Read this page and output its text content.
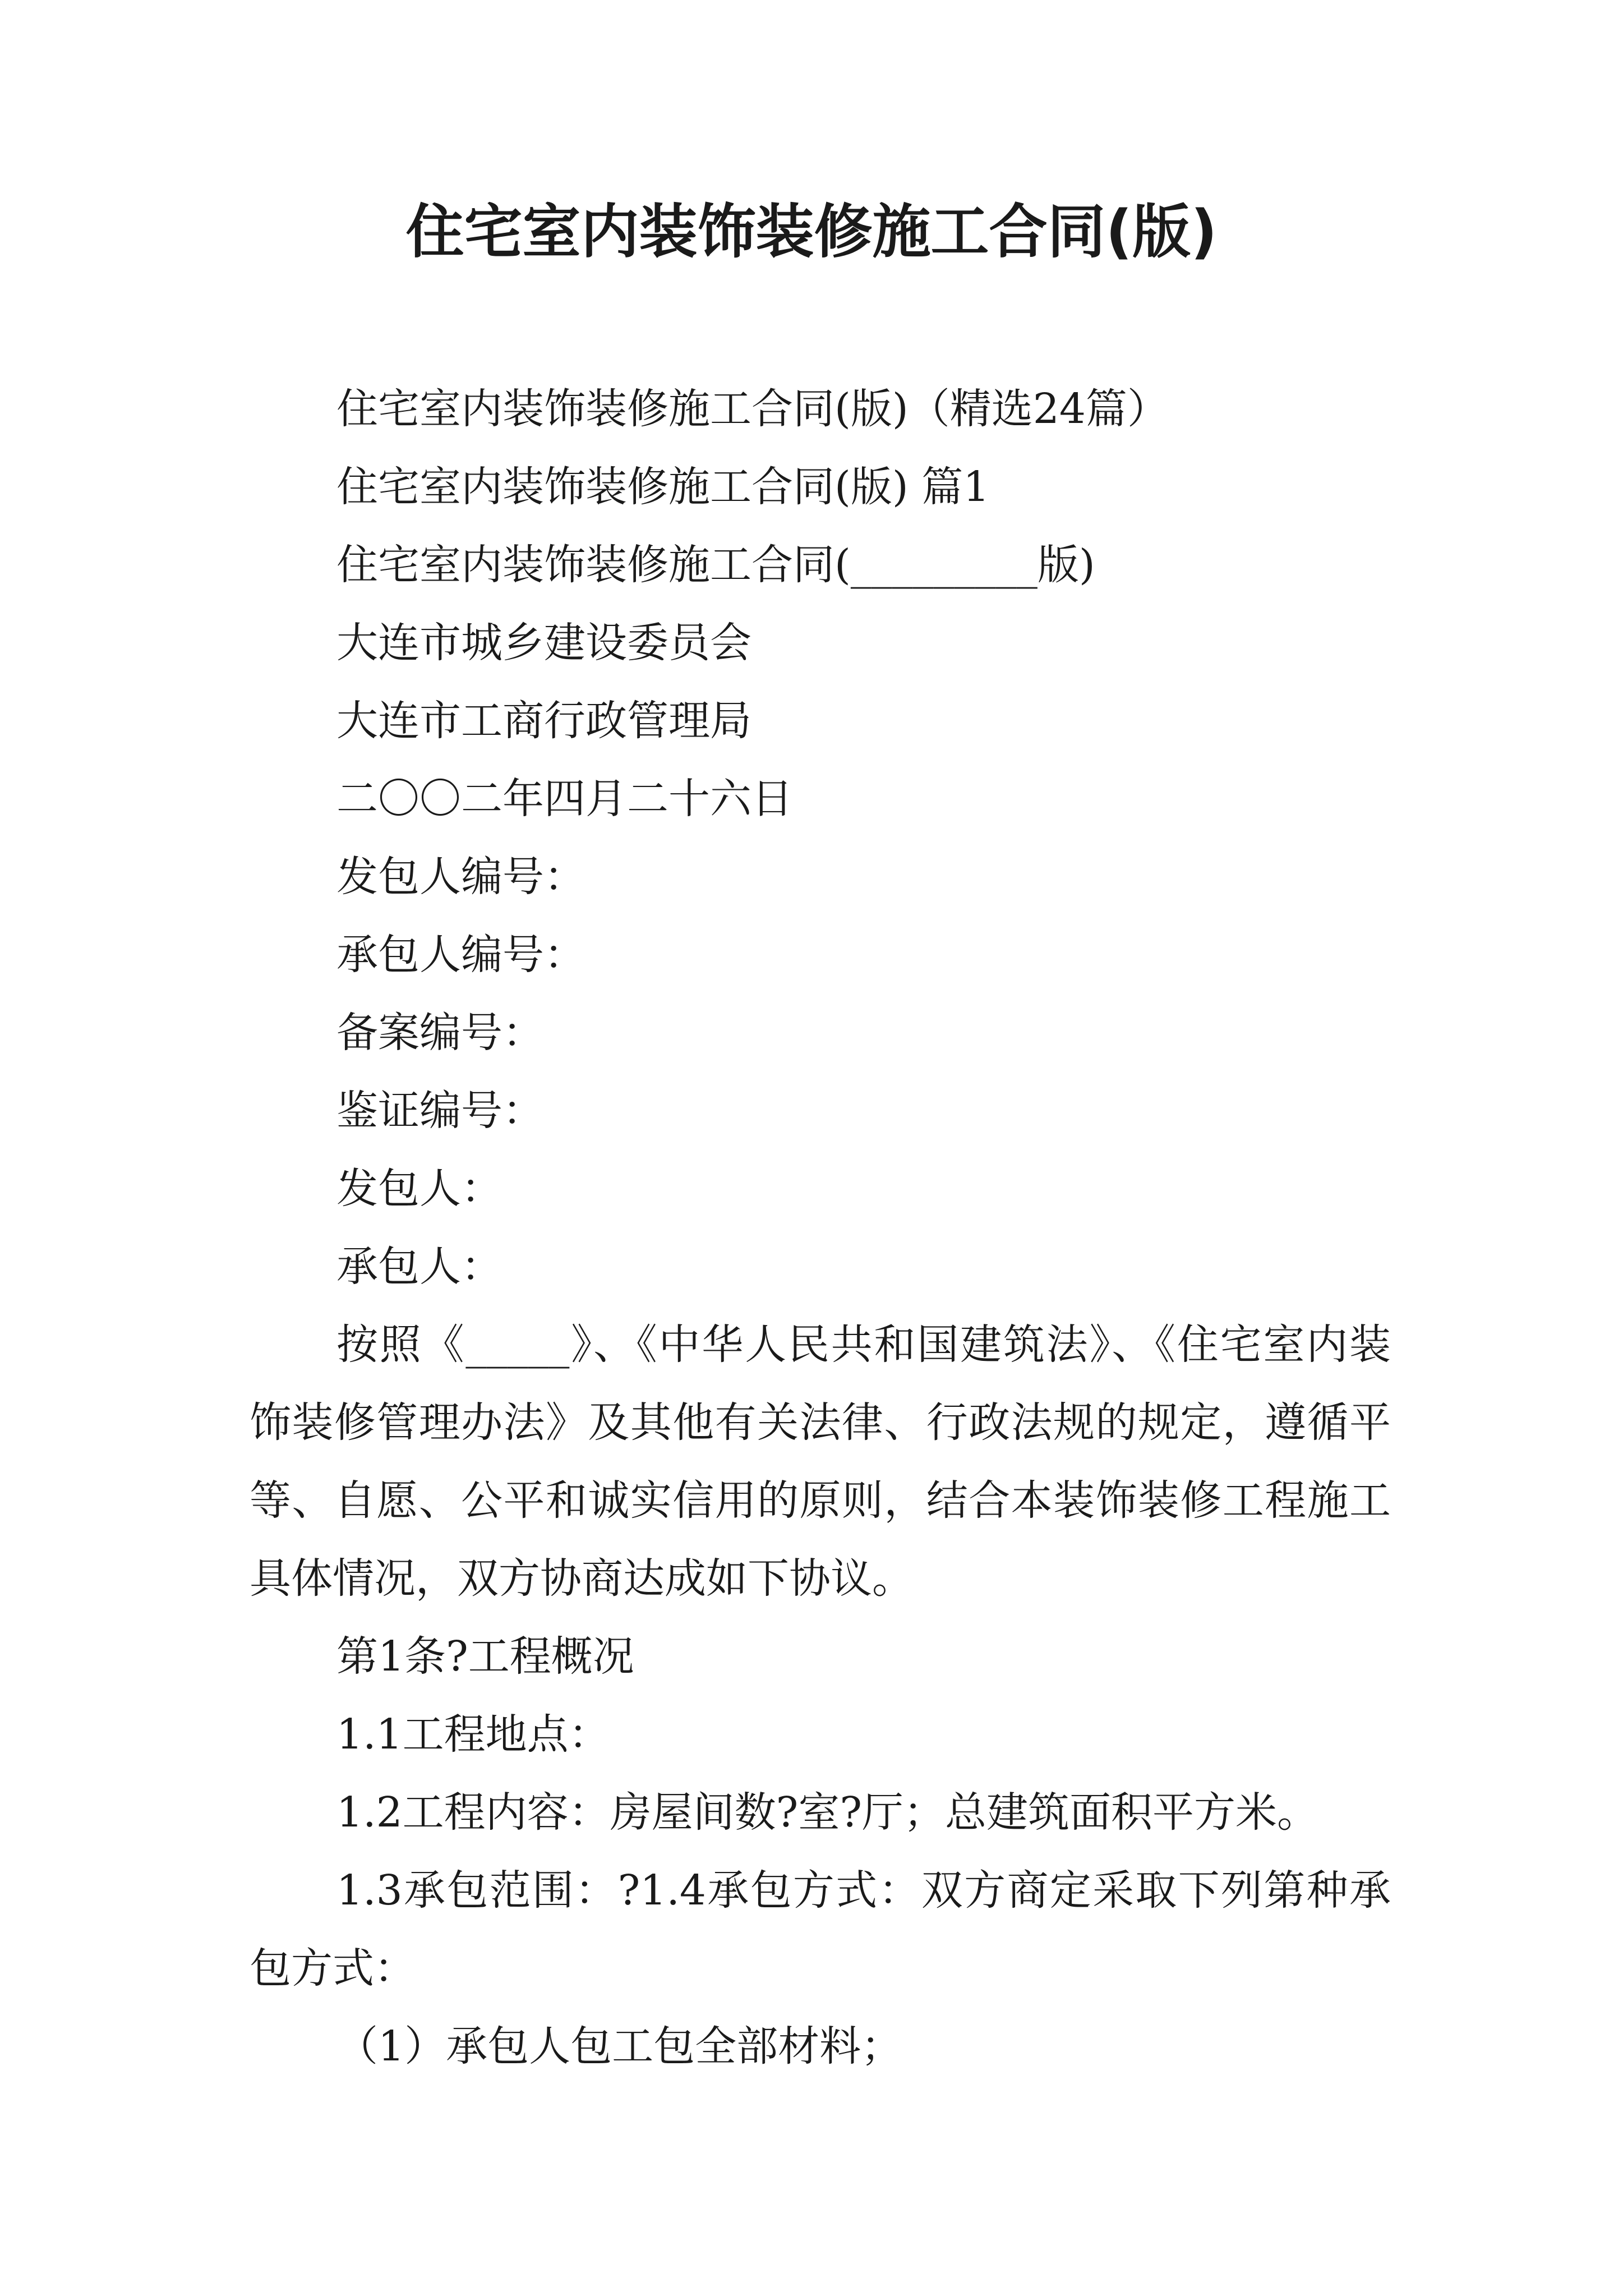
住宅室内装饰装修施工合同(版)

住宅室内装饰装修施工合同(版)（精选24篇）

住宅室内装饰装修施工合同(版) 篇1

住宅室内装饰装修施工合同(_________版)

大连市城乡建设委员会

大连市工商行政管理局

二〇〇二年四月二十六日

发包人编号：

承包人编号：

备案编号：

鉴证编号：

发包人：

承包人：

按照《_____》、《中华人民共和国建筑法》、《住宅室内装饰装修管理办法》及其他有关法律、行政法规的规定，遵循平等、自愿、公平和诚实信用的原则，结合本装饰装修工程施工具体情况，双方协商达成如下协议。

第1条?工程概况

1.1工程地点：

1.2工程内容：房屋间数?室?厅；总建筑面积平方米。

1.3承包范围：?1.4承包方式：双方商定采取下列第种承包方式：

（1）承包人包工包全部材料；
